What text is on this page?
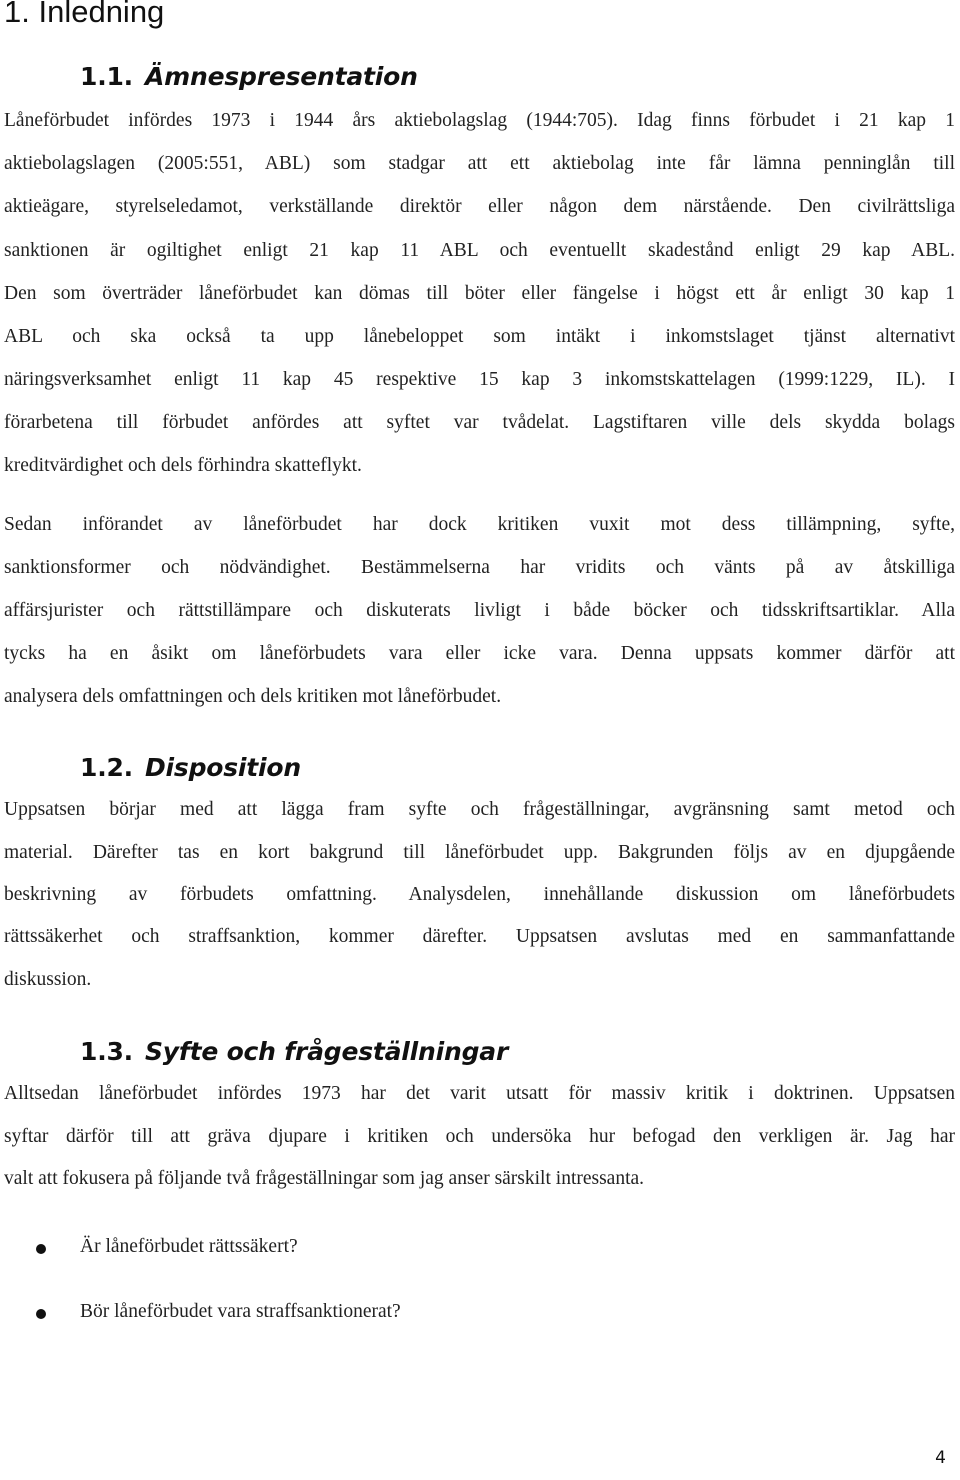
1. Inledning
1.1. Ämnespresentation
Låneförbudet infördes 1973 i 1944 års aktiebolagslag (1944:705). Idag finns förbudet i 21 kap 1
aktiebolagslagen (2005:551, ABL) som stadgar att ett aktiebolag inte får lämna penninglån till
aktieägare, styrelseledamot, verkställande direktör eller någon dem närstående. Den civilrättsliga
sanktionen är ogiltighet enligt 21 kap 11 ABL och eventuellt skadestånd enligt 29 kap ABL.
Den som överträder låneförbudet kan dömas till böter eller fängelse i högst ett år enligt 30 kap 1
ABL och ska också ta upp lånebeloppet som intäkt i inkomstslaget tjänst alternativt
näringsverksamhet enligt 11 kap 45 respektive 15 kap 3 inkomstskattelagen (1999:1229, IL). I
förarbetena till förbudet anfördes att syftet var tvådelat. Lagstiftaren ville dels skydda bolags
kreditvärdighet och dels förhindra skatteflykt.
Sedan införandet av låneförbudet har dock kritiken vuxit mot dess tillämpning, syfte,
sanktionsformer och nödvändighet. Bestämmelserna har vridits och vänts på av åtskilliga
affärsjurister och rättstillämpare och diskuterats livligt i både böcker och tidsskriftsartiklar. Alla
tycks ha en åsikt om låneförbudets vara eller icke vara. Denna uppsats kommer därför att
analysera dels omfattningen och dels kritiken mot låneförbudet.
1.2. Disposition
Uppsatsen börjar med att lägga fram syfte och frågeställningar, avgränsning samt metod och
material. Därefter tas en kort bakgrund till låneförbudet upp. Bakgrunden följs av en djupgående
beskrivning av förbudets omfattning. Analysdelen, innehållande diskussion om låneförbudets
rättssäkerhet och straffsanktion, kommer därefter. Uppsatsen avslutas med en sammanfattande
diskussion.
1.3. Syfte och frågeställningar
Alltsedan låneförbudet infördes 1973 har det varit utsatt för massiv kritik i doktrinen. Uppsatsen
syftar därför till att gräva djupare i kritiken och undersöka hur befogad den verkligen är. Jag har
valt att fokusera på följande två frågeställningar som jag anser särskilt intressanta.
Är låneförbudet rättssäkert?
Bör låneförbudet vara straffsanktionerat?
4
